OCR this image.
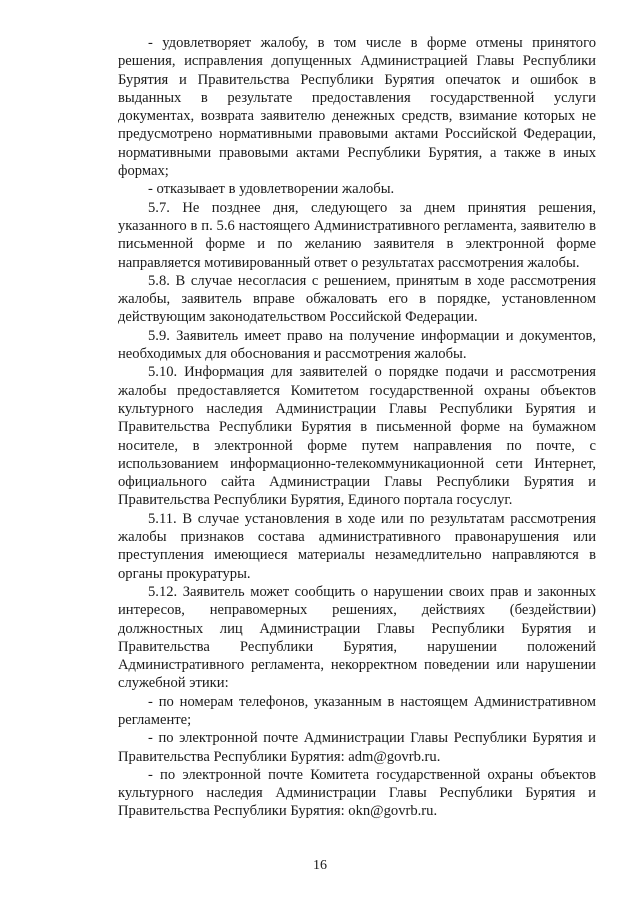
- удовлетворяет жалобу, в том числе в форме отмены принятого решения, исправления допущенных Администрацией Главы Республики Бурятия и Правительства Республики Бурятия опечаток и ошибок в выданных в результате предоставления государственной услуги документах, возврата заявителю денежных средств, взимание которых не предусмотрено нормативными правовыми актами Российской Федерации, нормативными правовыми актами Республики Бурятия, а также в иных формах;

- отказывает в удовлетворении жалобы.

5.7. Не позднее дня, следующего за днем принятия решения, указанного в п. 5.6 настоящего Административного регламента, заявителю в письменной форме и по желанию заявителя в электронной форме направляется мотивированный ответ о результатах рассмотрения жалобы.

5.8. В случае несогласия с решением, принятым в ходе рассмотрения жалобы, заявитель вправе обжаловать его в порядке, установленном действующим законодательством Российской Федерации.

5.9. Заявитель имеет право на получение информации и документов, необходимых для обоснования и рассмотрения жалобы.

5.10. Информация для заявителей о порядке подачи и рассмотрения жалобы предоставляется Комитетом государственной охраны объектов культурного наследия Администрации Главы Республики Бурятия и Правительства Республики Бурятия в письменной форме на бумажном носителе, в электронной форме путем направления по почте, с использованием информационно-телекоммуникационной сети Интернет, официального сайта Администрации Главы Республики Бурятия и Правительства Республики Бурятия, Единого портала госуслуг.

5.11. В случае установления в ходе или по результатам рассмотрения жалобы признаков состава административного правонарушения или преступления имеющиеся материалы незамедлительно направляются в органы прокуратуры.

5.12. Заявитель может сообщить о нарушении своих прав и законных интересов, неправомерных решениях, действиях (бездействии) должностных лиц Администрации Главы Республики Бурятия и Правительства Республики Бурятия, нарушении положений Административного регламента, некорректном поведении или нарушении служебной этики:

- по номерам телефонов, указанным в настоящем Административном регламенте;

- по электронной почте Администрации Главы Республики Бурятия и Правительства Республики Бурятия: adm@govrb.ru.

- по электронной почте Комитета государственной охраны объектов культурного наследия Администрации Главы Республики Бурятия и Правительства Республики Бурятия: okn@govrb.ru.

16
